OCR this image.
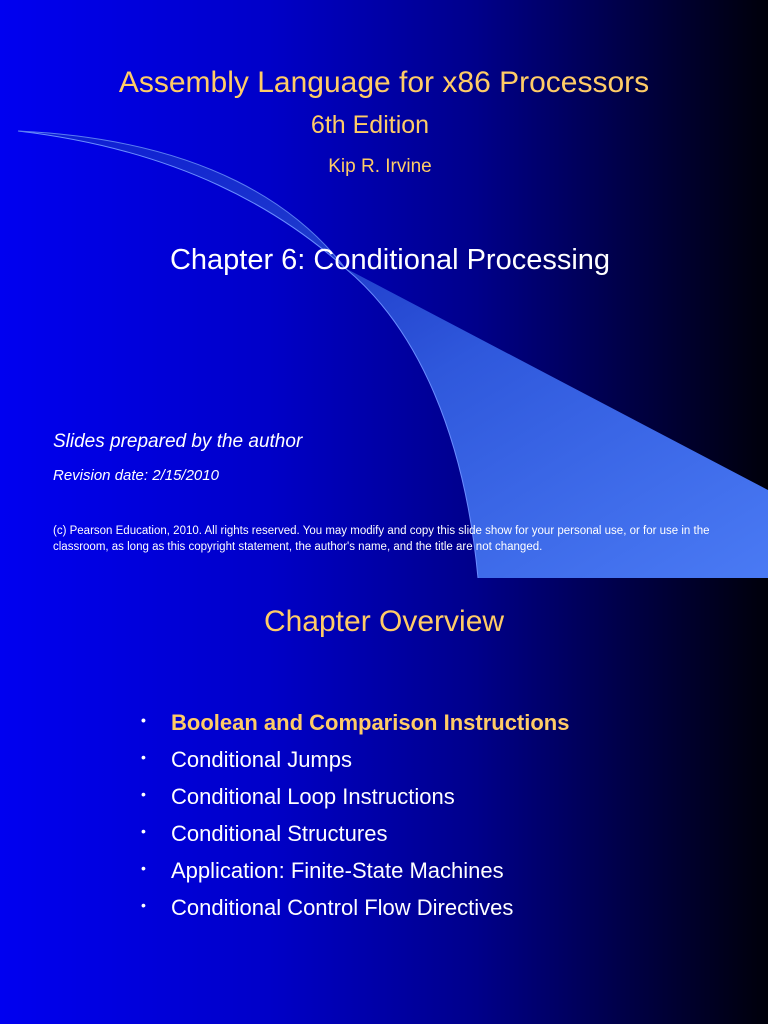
Assembly Language for x86 Processors
6th Edition
Kip R. Irvine
Chapter 6: Conditional Processing
Slides prepared by the author
Revision date: 2/15/2010
(c) Pearson Education, 2010. All rights reserved. You may modify and copy this slide show for your personal use, or for use in the classroom, as long as this copyright statement, the author's name, and the title are not changed.
Chapter Overview
• Boolean and Comparison Instructions
• Conditional Jumps
• Conditional Loop Instructions
• Conditional Structures
• Application: Finite-State Machines
• Conditional Control Flow Directives
